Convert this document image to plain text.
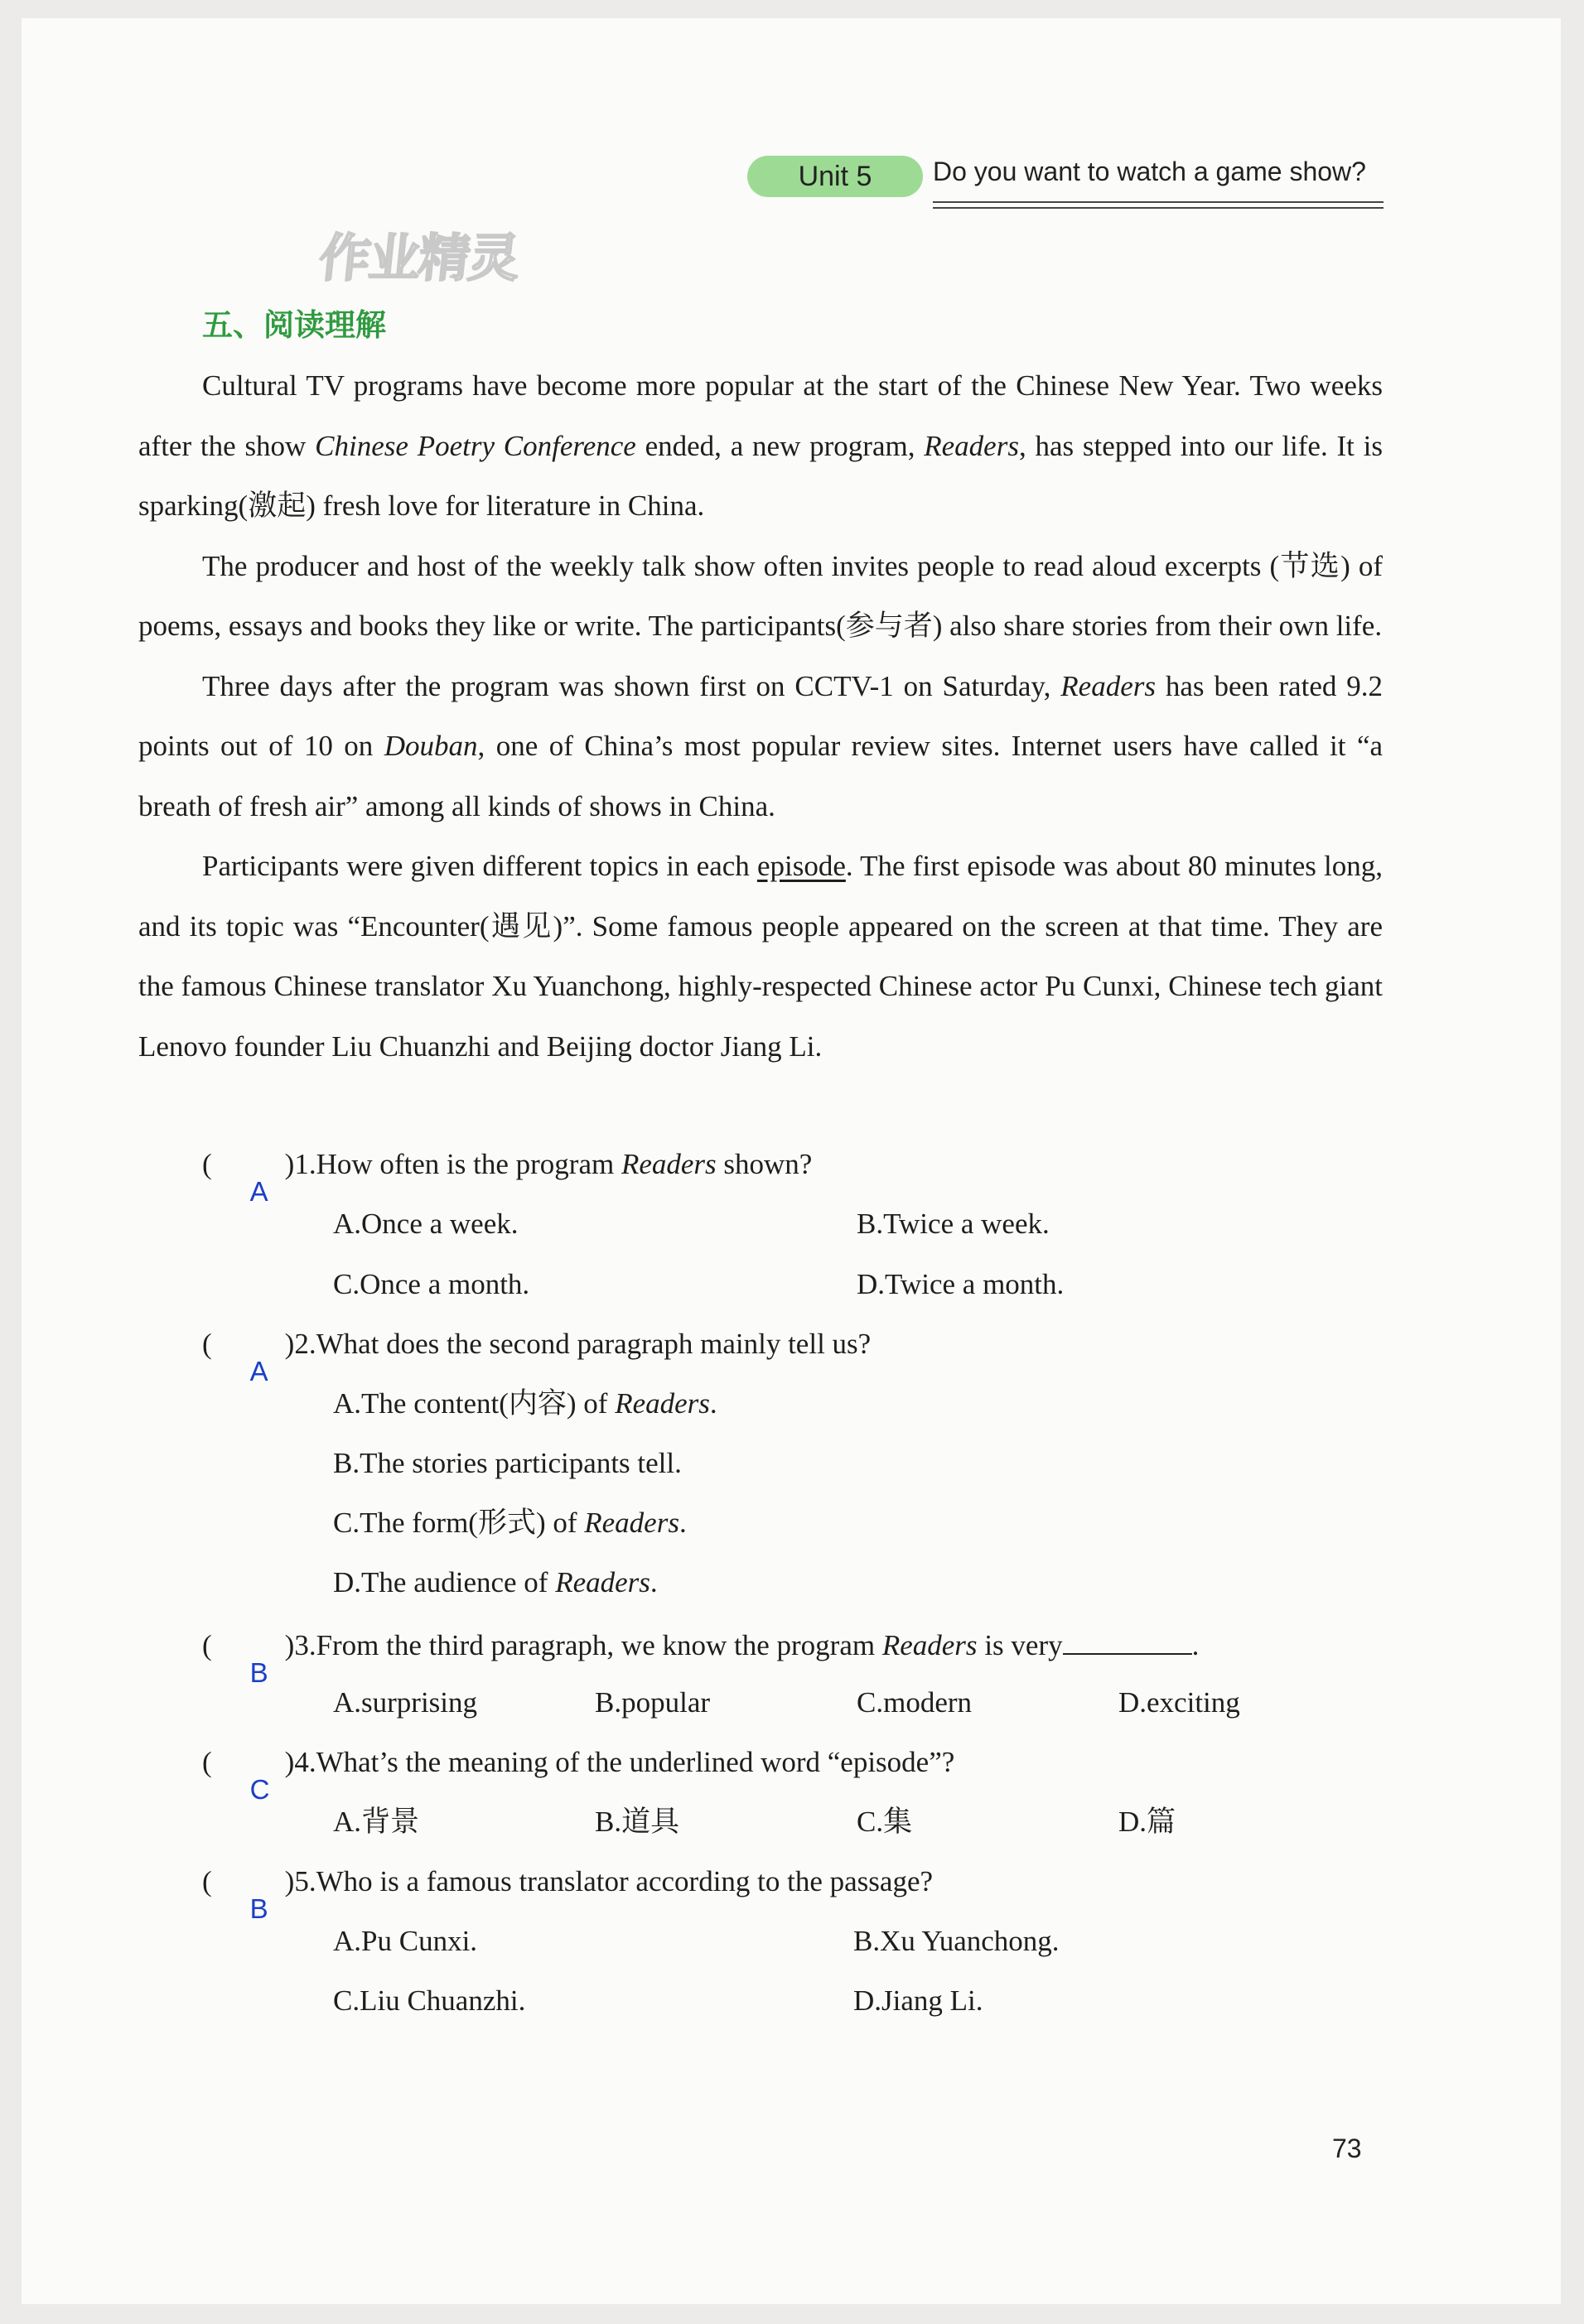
Unit 5	Do you want to watch a game show?
作业精灵
五、阅读理解

Cultural TV programs have become more popular at the start of the Chinese New Year. Two weeks after the show Chinese Poetry Conference ended, a new program, Readers, has stepped into our life. It is sparking(激起) fresh love for literature in China.

The producer and host of the weekly talk show often invites people to read aloud excerpts (节选) of poems, essays and books they like or write. The participants(参与者) also share stories from their own life.

Three days after the program was shown first on CCTV-1 on Saturday, Readers has been rated 9.2 points out of 10 on Douban, one of China’s most popular review sites. Internet users have called it “a breath of fresh air” among all kinds of shows in China.

Participants were given different topics in each episode. The first episode was about 80 minutes long, and its topic was “Encounter(遇见)”. Some famous people appeared on the screen at that time. They are the famous Chinese translator Xu Yuanchong, highly-respected Chinese actor Pu Cunxi, Chinese tech giant Lenovo founder Liu Chuanzhi and Beijing doctor Jiang Li.

(
A
)1.How often is the program Readers shown?
A.Once a week.	B.Twice a week.
C.Once a month.	D.Twice a month.
(
A
)2.What does the second paragraph mainly tell us?
A.The content(内容) of Readers.
B.The stories participants tell.
C.The form(形式) of Readers.
D.The audience of Readers.
(
B
)3.From the third paragraph, we know the program Readers is very	.
A.surprising	B.popular	C.modern	D.exciting
(
C
)4.What’s the meaning of the underlined word “episode”?
A.背景	B.道具	C.集	D.篇
(
B
)5.Who is a famous translator according to the passage?
A.Pu Cunxi.	B.Xu Yuanchong.
C.Liu Chuanzhi.	D.Jiang Li.
73
